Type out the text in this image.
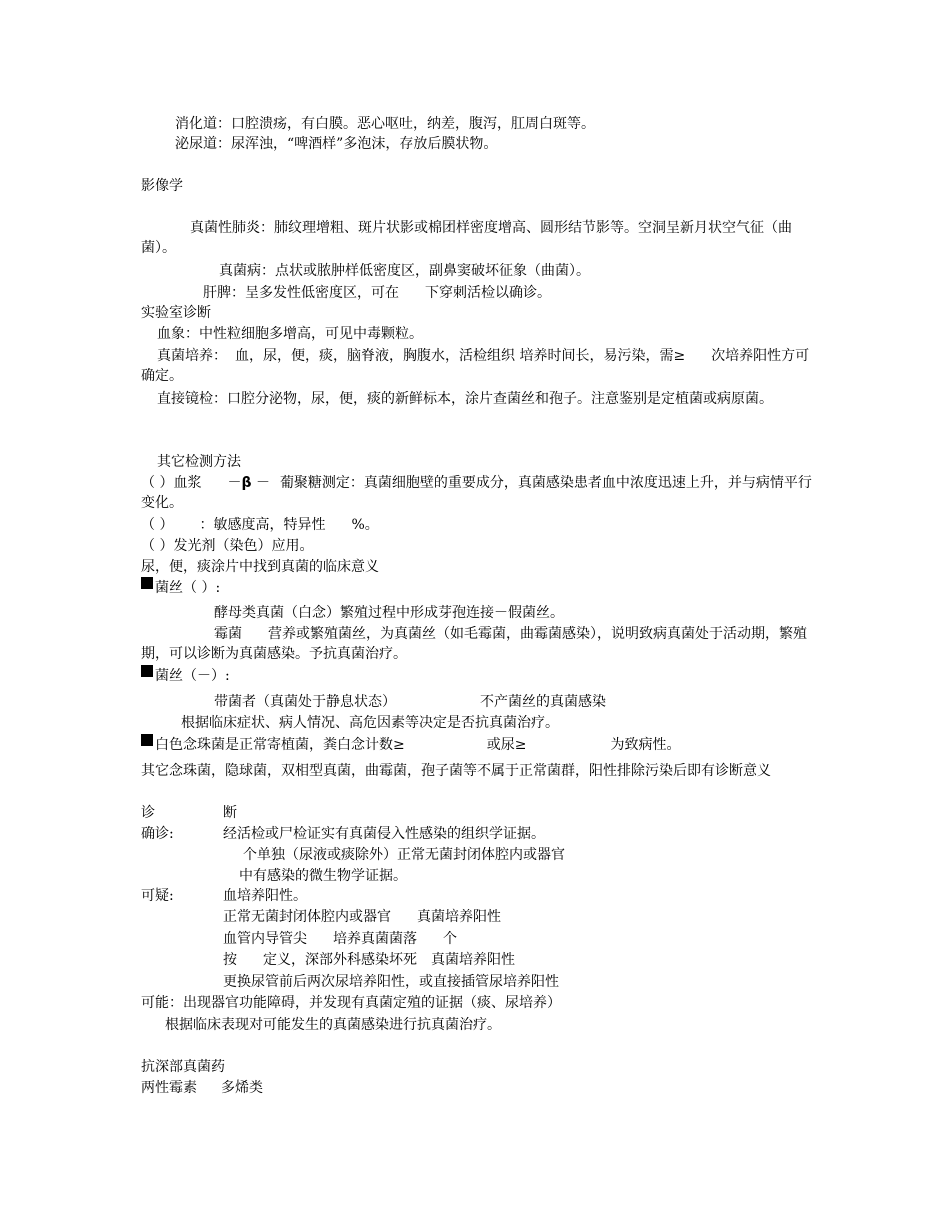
消化道：口腔溃疡，有白膜。恶心呕吐，纳差，腹泻，肛周白斑等。
泌尿道：尿浑浊，“啤酒样”多泡沫，存放后膜状物。
影像学
真菌性肺炎：肺纹理增粗、斑片状影或棉团样密度增高、圆形结节影等。空洞呈新月状空气征（曲菌）。
真菌病：点状或脓肿样低密度区，副鼻窦破坏征象（曲菌）。
肝脾：呈多发性低密度区，可在 下穿刺活检以确诊。
实验室诊断
血象：中性粒细胞多增高，可见中毒颗粒。
真菌培养： 血，尿，便，痰，脑脊液，胸腹水，活检组织 培养时间长，易污染，需≥ 次培养阳性方可确定。
直接镜检：口腔分泌物，尿，便，痰的新鲜标本，涂片查菌丝和孢子。注意鉴别是定植菌或病原菌。
其它检测方法
（ ）血浆 －β － 葡聚糖测定：真菌细胞壁的重要成分，真菌感染患者血中浓度迅速上升，并与病情平行变化。
（ ） ：敏感度高，特异性 %。
（ ）发光剂（染色）应用。
尿，便，痰涂片中找到真菌的临床意义
菌丝（ ）:
酵母类真菌（白念）繁殖过程中形成芽孢连接－假菌丝。
霉菌 营养或繁殖菌丝，为真菌丝（如毛霉菌，曲霉菌感染），说明致病真菌处于活动期，繁殖期，可以诊断为真菌感染。予抗真菌治疗。
菌丝（－）:
带菌者（真菌处于静息状态）	不产菌丝的真菌感染
根据临床症状、病人情况、高危因素等决定是否抗真菌治疗。
白色念珠菌是正常寄植菌，粪白念计数≥	或尿≥	为致病性。
其它念珠菌，隐球菌，双相型真菌，曲霉菌，孢子菌等不属于正常菌群，阳性排除污染后即有诊断意义
诊	断
确诊:	经活检或尸检证实有真菌侵入性感染的组织学证据。
个单独（尿液或痰除外）正常无菌封闭体腔内或器官
中有感染的微生物学证据。
可疑:	血培养阳性。
正常无菌封闭体腔内或器官 真菌培养阳性
血管内导管尖 培养真菌菌落 个
按 定义，深部外科感染坏死 真菌培养阳性
更换尿管前后两次尿培养阳性，或直接插管尿培养阳性
可能：出现器官功能障碍，并发现有真菌定殖的证据（痰、尿培养）
根据临床表现对可能发生的真菌感染进行抗真菌治疗。
抗深部真菌药
两性霉素 多烯类
